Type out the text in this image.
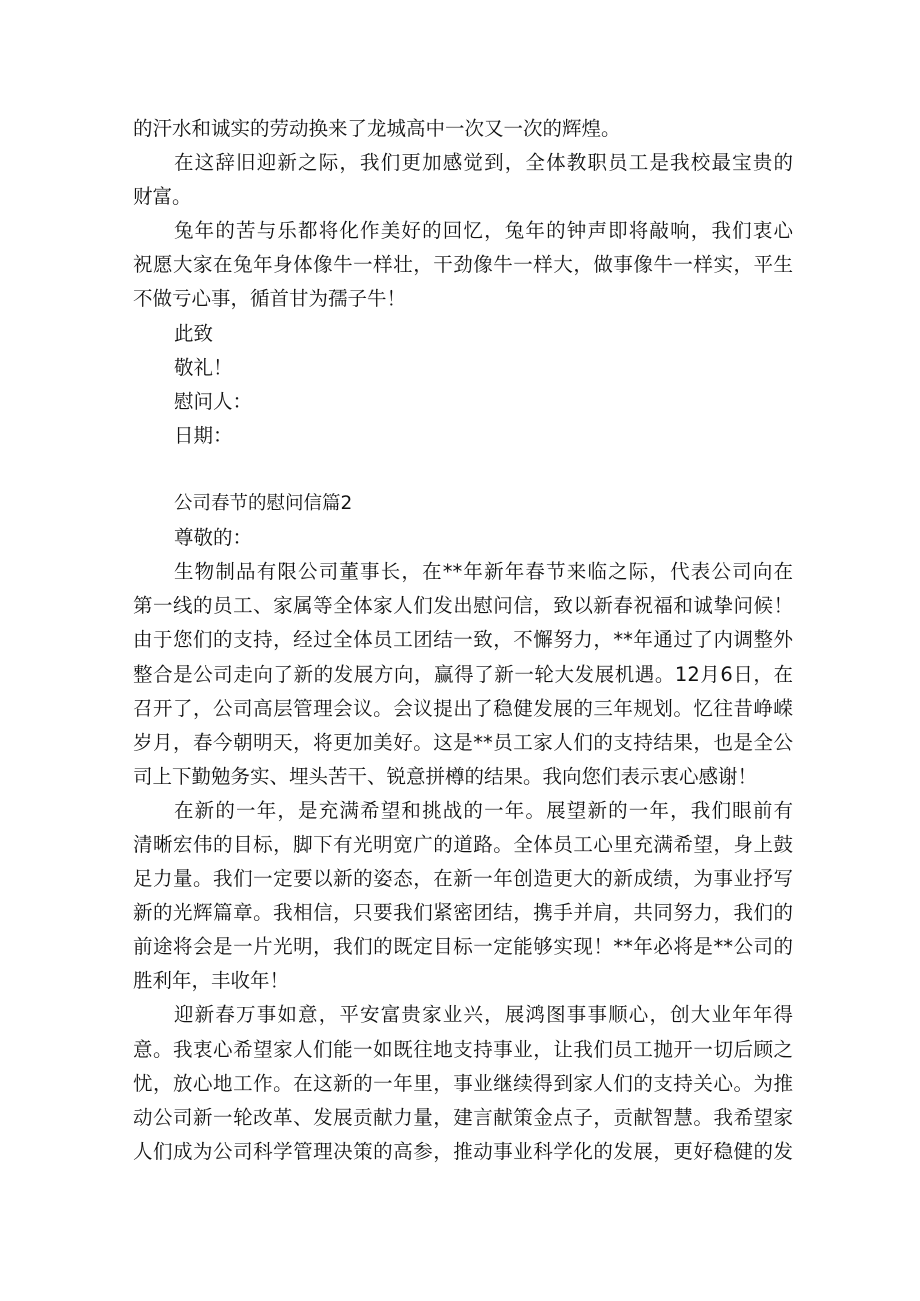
的汗水和诚实的劳动换来了龙城高中一次又一次的辉煌。
在这辞旧迎新之际，我们更加感觉到，全体教职员工是我校最宝贵的
财富。
兔年的苦与乐都将化作美好的回忆，兔年的钟声即将敲响，我们衷心
祝愿大家在兔年身体像牛一样壮，干劲像牛一样大，做事像牛一样实，平生
不做亏心事，循首甘为孺子牛！
此致
敬礼！
慰问人：
日期：
公司春节的慰问信篇2
尊敬的：
生物制品有限公司董事长，在**年新年春节来临之际，代表公司向在
第一线的员工、家属等全体家人们发出慰问信，致以新春祝福和诚挚问候！
由于您们的支持，经过全体员工团结一致，不懈努力，**年通过了内调整外
整合是公司走向了新的发展方向，赢得了新一轮大发展机遇。12月6日，在
召开了，公司高层管理会议。会议提出了稳健发展的三年规划。忆往昔峥嵘
岁月，春今朝明天，将更加美好。这是**员工家人们的支持结果，也是全公
司上下勤勉务实、埋头苦干、锐意拼樽的结果。我向您们表示衷心感谢！
在新的一年，是充满希望和挑战的一年。展望新的一年，我们眼前有
清晰宏伟的目标，脚下有光明宽广的道路。全体员工心里充满希望，身上鼓
足力量。我们一定要以新的姿态，在新一年创造更大的新成绩，为事业抒写
新的光辉篇章。我相信，只要我们紧密团结，携手并肩，共同努力，我们的
前途将会是一片光明，我们的既定目标一定能够实现！**年必将是**公司的
胜利年，丰收年！
迎新春万事如意，平安富贵家业兴，展鸿图事事顺心，创大业年年得
意。我衷心希望家人们能一如既往地支持事业，让我们员工抛开一切后顾之
忧，放心地工作。在这新的一年里，事业继续得到家人们的支持关心。为推
动公司新一轮改革、发展贡献力量，建言献策金点子，贡献智慧。我希望家
人们成为公司科学管理决策的高参，推动事业科学化的发展，更好稳健的发
